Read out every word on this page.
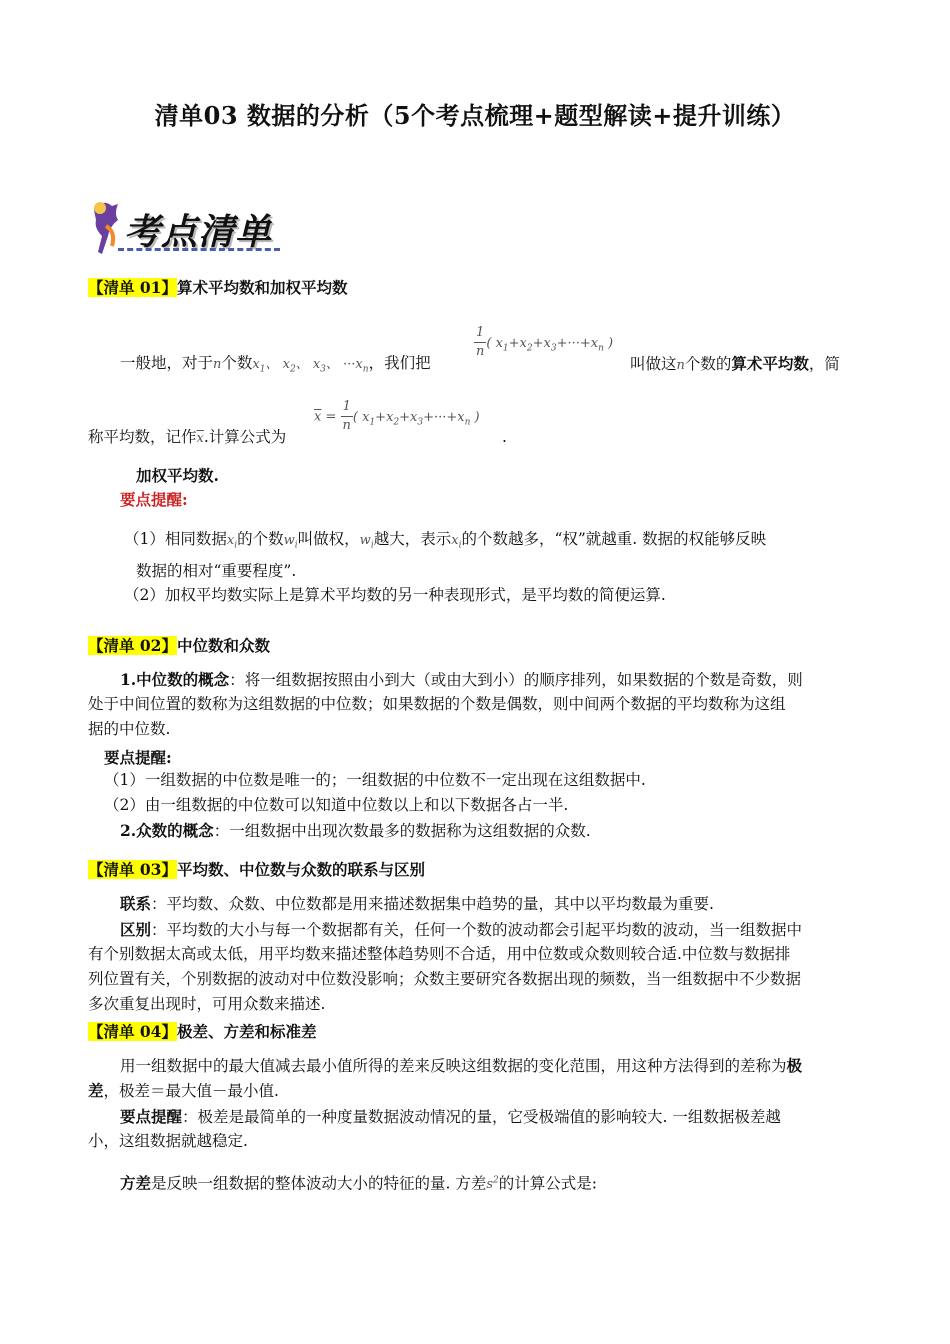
清单03 数据的分析（5个考点梳理+题型解读+提升训练）
考点清单
【清单 01】算术平均数和加权平均数
一般地，对于n个数$x_1$、 $x_2$、 $x_3$、 $\cdot\cdot\cdot x_n$，我们把
$\frac{1}{n}$ ( $x_1+x_2+x_3+\cdot\cdot\cdot+x_n$ )
叫做这n个数的算术平均数，简
称平均数，记作$\overline{x}$.计算公式为
$\overline{x} = \frac{1}{n}$ ( $x_1+x_2+x_3+\cdot\cdot\cdot+x_n$ )
.
加权平均数.
要点提醒:
（1）相同数据$x_i$的个数$w_i$叫做权，$w_i$越大，表示$x_i$的个数越多，“权”就越重. 数据的权能够反映
数据的相对“重要程度”.
（2）加权平均数实际上是算术平均数的另一种表现形式，是平均数的简便运算.
【清单 02】中位数和众数
1.中位数的概念：将一组数据按照由小到大（或由大到小）的顺序排列，如果数据的个数是奇数，则
处于中间位置的数称为这组数据的中位数；如果数据的个数是偶数，则中间两个数据的平均数称为这组
据的中位数.
要点提醒:
（1）一组数据的中位数是唯一的；一组数据的中位数不一定出现在这组数据中.
（2）由一组数据的中位数可以知道中位数以上和以下数据各占一半.
2.众数的概念：一组数据中出现次数最多的数据称为这组数据的众数.
【清单 03】平均数、中位数与众数的联系与区别
联系：平均数、众数、中位数都是用来描述数据集中趋势的量，其中以平均数最为重要.
区别：平均数的大小与每一个数据都有关，任何一个数的波动都会引起平均数的波动，当一组数据中
有个别数据太高或太低，用平均数来描述整体趋势则不合适，用中位数或众数则较合适.中位数与数据排
列位置有关，个别数据的波动对中位数没影响；众数主要研究各数据出现的频数，当一组数据中不少数据
多次重复出现时，可用众数来描述.
【清单 04】极差、方差和标准差
用一组数据中的最大值减去最小值所得的差来反映这组数据的变化范围，用这种方法得到的差称为极
差，极差＝最大值－最小值.
要点提醒：极差是最简单的一种度量数据波动情况的量，它受极端值的影响较大. 一组数据极差越
小，这组数据就越稳定.
方差是反映一组数据的整体波动大小的特征的量. 方差$s^2$的计算公式是:
